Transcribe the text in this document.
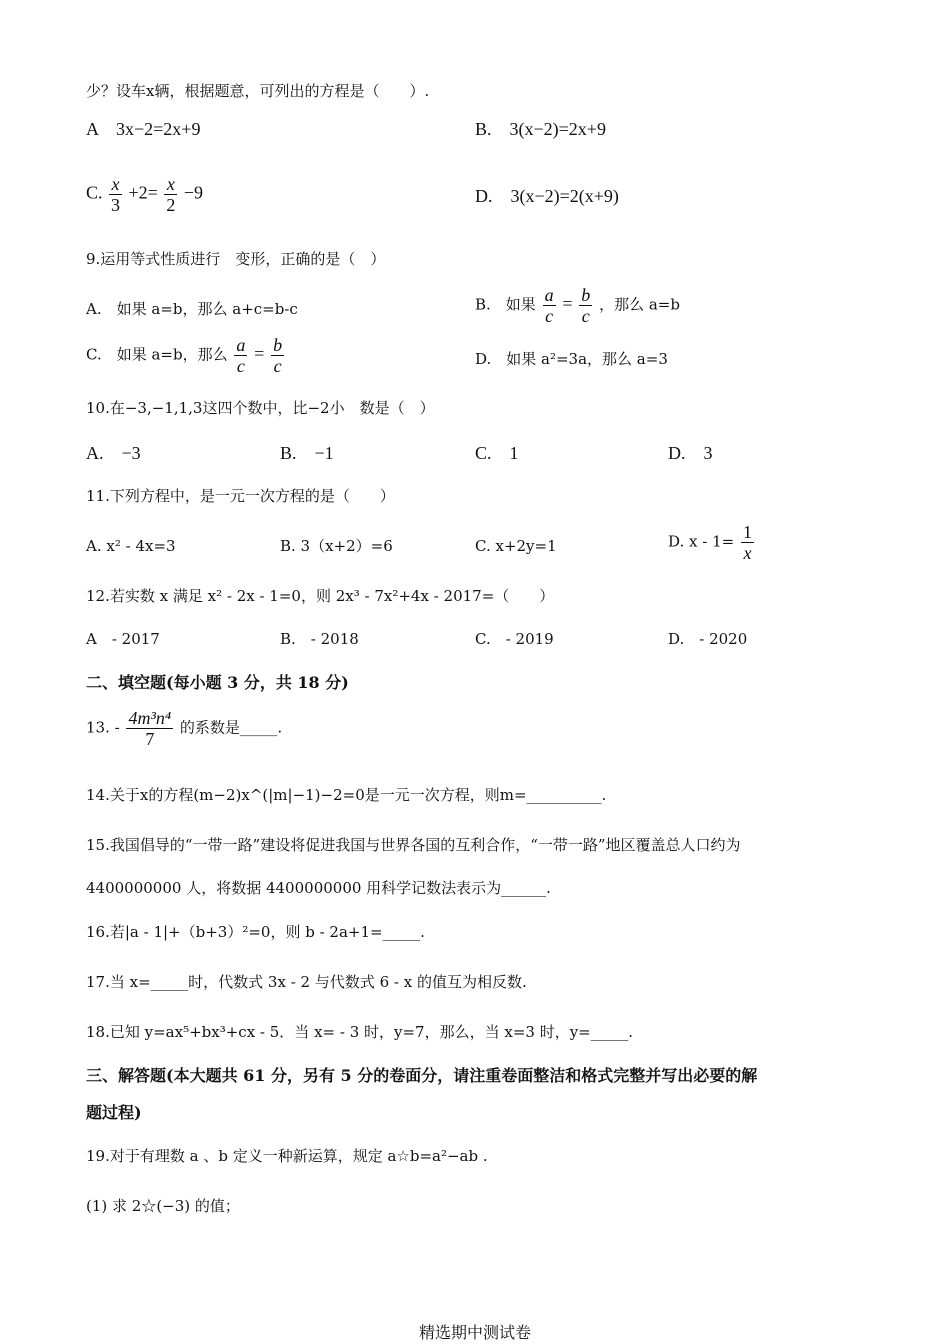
少？设车x辆，根据题意，可列出的方程是（　　）.
A　3x−2=2x+9	B.　3(x−2)=2x+9
C. $\frac{x}{3} +2= \frac{x}{2} -9$	D.　3(x−2)=2(x+9)
9.运用等式性质进行　变形，正确的是（　）
A.　如果 a=b，那么 a+c=b-c	B.　如果 $\frac{a}{c} = \frac{b}{c}$ ，那么 a=b
C.　如果 a=b，那么 $\frac{a}{c} = \frac{b}{c}$	D.　如果 a²=3a，那么 a=3
10.在−3,−1,1,3这四个数中，比−2小　数是（　）
A.　−3	B.　−1	C.　1	D.　3
11.下列方程中，是一元一次方程的是（　　）
A. x² - 4x=3	B. 3（x+2）=6	C. x+2y=1	D. $x - 1= \frac{1}{x}$
12.若实数 x 满足 x² - 2x - 1=0，则 2x³ - 7x²+4x - 2017=（　　）
A　- 2017	B.　- 2018	C.　- 2019	D.　- 2020
二、填空题(每小题 3 分，共 18 分)
13. - $\frac{\text{4m³n⁴}}{7}$ 的系数是_____.
14.关于x的方程(m−2)x^(|m|−1)−2=0是一元一次方程，则m=__________.
15.我国倡导的“一带一路”建设将促进我国与世界各国的互利合作，“一带一路”地区覆盖总人口约为
4400000000 人，将数据 4400000000 用科学记数法表示为______.
16.若|a - 1|+（b+3）²=0，则 b - 2a+1=_____.
17.当 x=_____时，代数式 3x - 2 与代数式 6 - x 的值互为相反数.
18.已知 y=ax⁵+bx³+cx - 5．当 x= - 3 时，y=7，那么，当 x=3 时，y=_____.
三、解答题(本大题共 61 分，另有 5 分的卷面分，请注重卷面整洁和格式完整并写出必要的解
题过程)
19.对于有理数 a 、b 定义一种新运算，规定 a☆b=a²−ab .
(1) 求 2☆(−3) 的值；
精选期中测试卷
